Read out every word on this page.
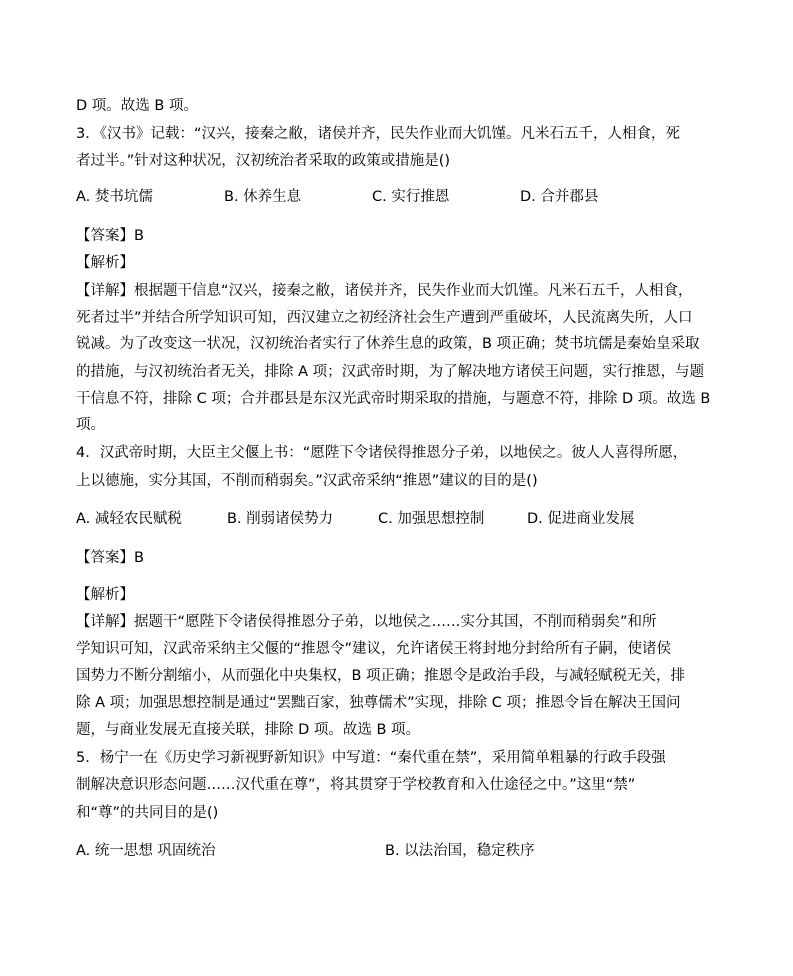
D 项。故选 B 项。
3．《汉书》记载：“汉兴，接秦之敝，诸侯并齐，民失作业而大饥馑。凡米石五千，人相食，死
者过半。”针对这种状况，汉初统治者采取的政策或措施是()
A. 焚书坑儒	B. 休养生息	C. 实行推恩	D. 合并郡县
【答案】B
【解析】
【详解】根据题干信息“汉兴，接秦之敝，诸侯并齐，民失作业而大饥馑。凡米石五千，人相食，
死者过半”并结合所学知识可知，西汉建立之初经济社会生产遭到严重破坏，人民流离失所，人口
锐减。为了改变这一状况，汉初统治者实行了休养生息的政策，B 项正确；焚书坑儒是秦始皇采取
的措施，与汉初统治者无关，排除 A 项；汉武帝时期，为了解决地方诸侯王问题，实行推恩，与题
干信息不符，排除 C 项；合并郡县是东汉光武帝时期采取的措施，与题意不符，排除 D 项。故选 B
项。
4．汉武帝时期，大臣主父偃上书：“愿陛下令诸侯得推恩分子弟，以地侯之。彼人人喜得所愿，
上以德施，实分其国，不削而稍弱矣。”汉武帝采纳“推恩”建议的目的是()
A. 减轻农民赋税	B. 削弱诸侯势力	C. 加强思想控制	D. 促进商业发展
【答案】B
【解析】
【详解】据题干“愿陛下令诸侯得推恩分子弟，以地侯之……实分其国，不削而稍弱矣”和所
学知识可知，汉武帝采纳主父偃的“推恩令”建议，允许诸侯王将封地分封给所有子嗣，使诸侯
国势力不断分割缩小，从而强化中央集权，B 项正确；推恩令是政治手段，与减轻赋税无关，排
除 A 项；加强思想控制是通过“罢黜百家，独尊儒术”实现，排除 C 项；推恩令旨在解决王国问
题，与商业发展无直接关联，排除 D 项。故选 B 项。
5．杨宁一在《历史学习新视野新知识》中写道：“秦代重在禁”，采用简单粗暴的行政手段强
制解决意识形态问题……汉代重在尊”，将其贯穿于学校教育和入仕途径之中。”这里“禁”
和“尊”的共同目的是()
A. 统一思想 巩固统治	B. 以法治国，稳定秩序
